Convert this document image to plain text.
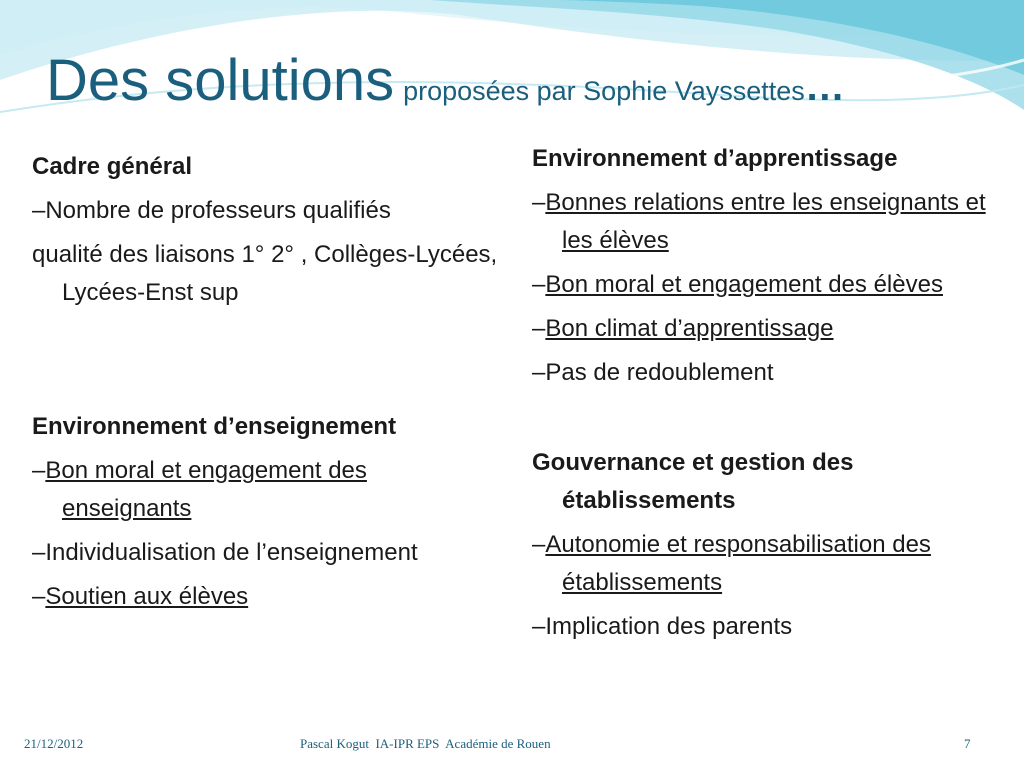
Des solutions proposées par Sophie Vayssettes…

Cadre général

–Nombre de professeurs qualifiés

qualité des liaisons 1° 2° , Collèges-Lycées, Lycées-Enst sup

Environnement d’enseignement

–Bon moral et engagement des enseignants

–Individualisation de l’enseignement

–Soutien aux élèves

Environnement d’apprentissage

–Bonnes relations entre les enseignants et les élèves

–Bon moral et engagement des élèves

–Bon climat d’apprentissage

–Pas de redoublement

Gouvernance et gestion des établissements

–Autonomie et responsabilisation des établissements

–Implication des parents

21/12/2012	Pascal Kogut  IA-IPR EPS  Académie de Rouen	7
